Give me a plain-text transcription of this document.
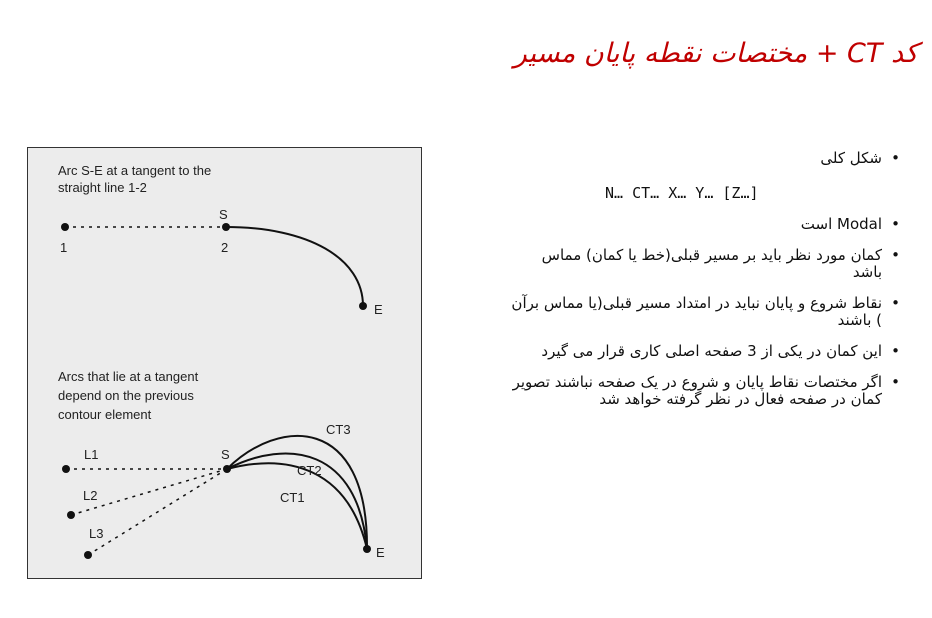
کد CT + مختصات نقطه پایان مسیر
Arc S-E at a tangent to the
straight line 1-2
1	2
S
E
Arcs that lie at a tangent
depend on the previous
contour element
L1
L2
L3
S
E
CT1
CT2
CT3
•
شکل کلی
N… CT… X… Y… [Z…]
•
Modal است
•
کمان مورد نظر باید بر مسیر قبلی(خط یا کمان) مماس باشد
•
نقاط شروع و پایان نباید در امتداد مسیر قبلی(یا مماس برآن ) باشند
•
این کمان در یکی از 3 صفحه اصلی کاری قرار می گیرد
•
اگر مختصات نقاط پایان و شروع در یک صفحه نباشند تصویر کمان در صفحه فعال در نظر گرفته خواهد شد
